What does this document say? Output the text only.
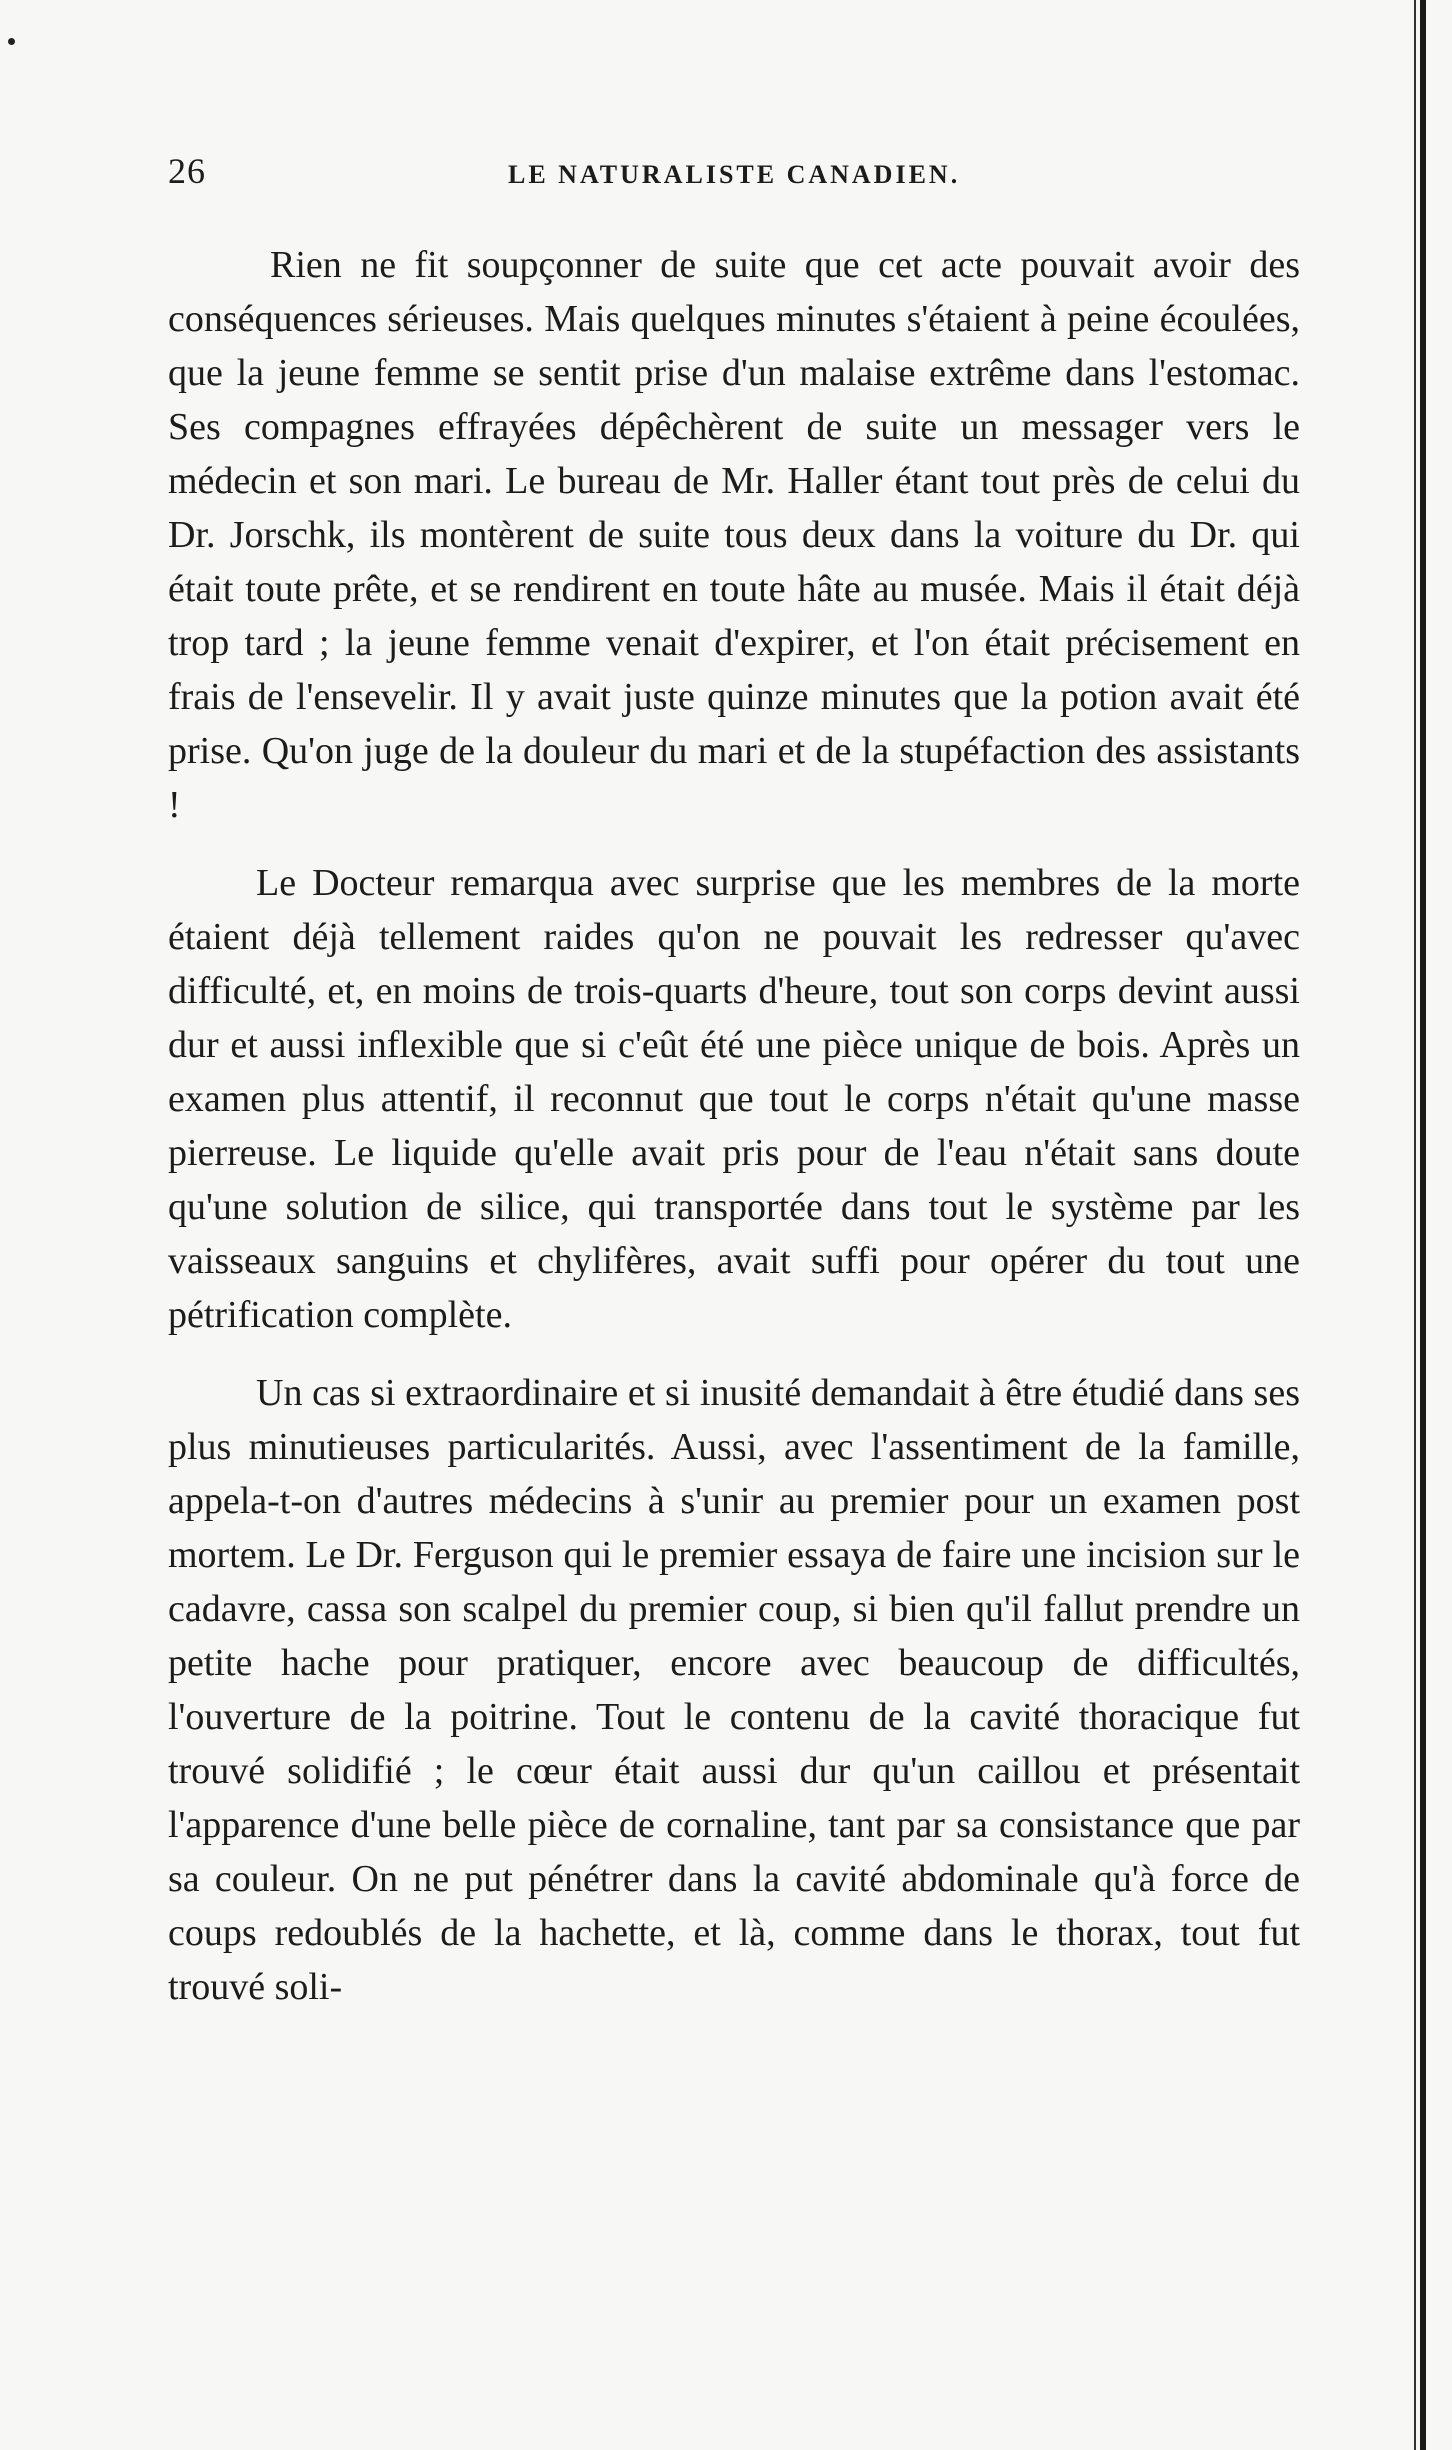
26	LE NATURALISTE CANADIEN.

Rien ne fit soupçonner de suite que cet acte pouvait avoir des conséquences sérieuses. Mais quelques minutes s'étaient à peine écoulées, que la jeune femme se sentit prise d'un malaise extrême dans l'estomac. Ses compagnes effrayées dépêchèrent de suite un messager vers le médecin et son mari. Le bureau de Mr. Haller étant tout près de celui du Dr. Jorschk, ils montèrent de suite tous deux dans la voiture du Dr. qui était toute prête, et se rendirent en toute hâte au musée. Mais il était déjà trop tard ; la jeune femme venait d'expirer, et l'on était précisement en frais de l'ensevelir. Il y avait juste quinze minutes que la potion avait été prise. Qu'on juge de la douleur du mari et de la stupéfaction des assistants !

Le Docteur remarqua avec surprise que les membres de la morte étaient déjà tellement raides qu'on ne pouvait les redresser qu'avec difficulté, et, en moins de trois-quarts d'heure, tout son corps devint aussi dur et aussi inflexible que si c'eût été une pièce unique de bois. Après un examen plus attentif, il reconnut que tout le corps n'était qu'une masse pierreuse. Le liquide qu'elle avait pris pour de l'eau n'était sans doute qu'une solution de silice, qui transportée dans tout le système par les vaisseaux sanguins et chylifères, avait suffi pour opérer du tout une pétrification complète.

Un cas si extraordinaire et si inusité demandait à être étudié dans ses plus minutieuses particularités. Aussi, avec l'assentiment de la famille, appela-t-on d'autres médecins à s'unir au premier pour un examen post mortem. Le Dr. Ferguson qui le premier essaya de faire une incision sur le cadavre, cassa son scalpel du premier coup, si bien qu'il fallut prendre un petite hache pour pratiquer, encore avec beaucoup de difficultés, l'ouverture de la poitrine. Tout le contenu de la cavité thoracique fut trouvé solidifié ; le cœur était aussi dur qu'un caillou et présentait l'apparence d'une belle pièce de cornaline, tant par sa consistance que par sa couleur. On ne put pénétrer dans la cavité abdominale qu'à force de coups redoublés de la hachette, et là, comme dans le thorax, tout fut trouvé soli-
